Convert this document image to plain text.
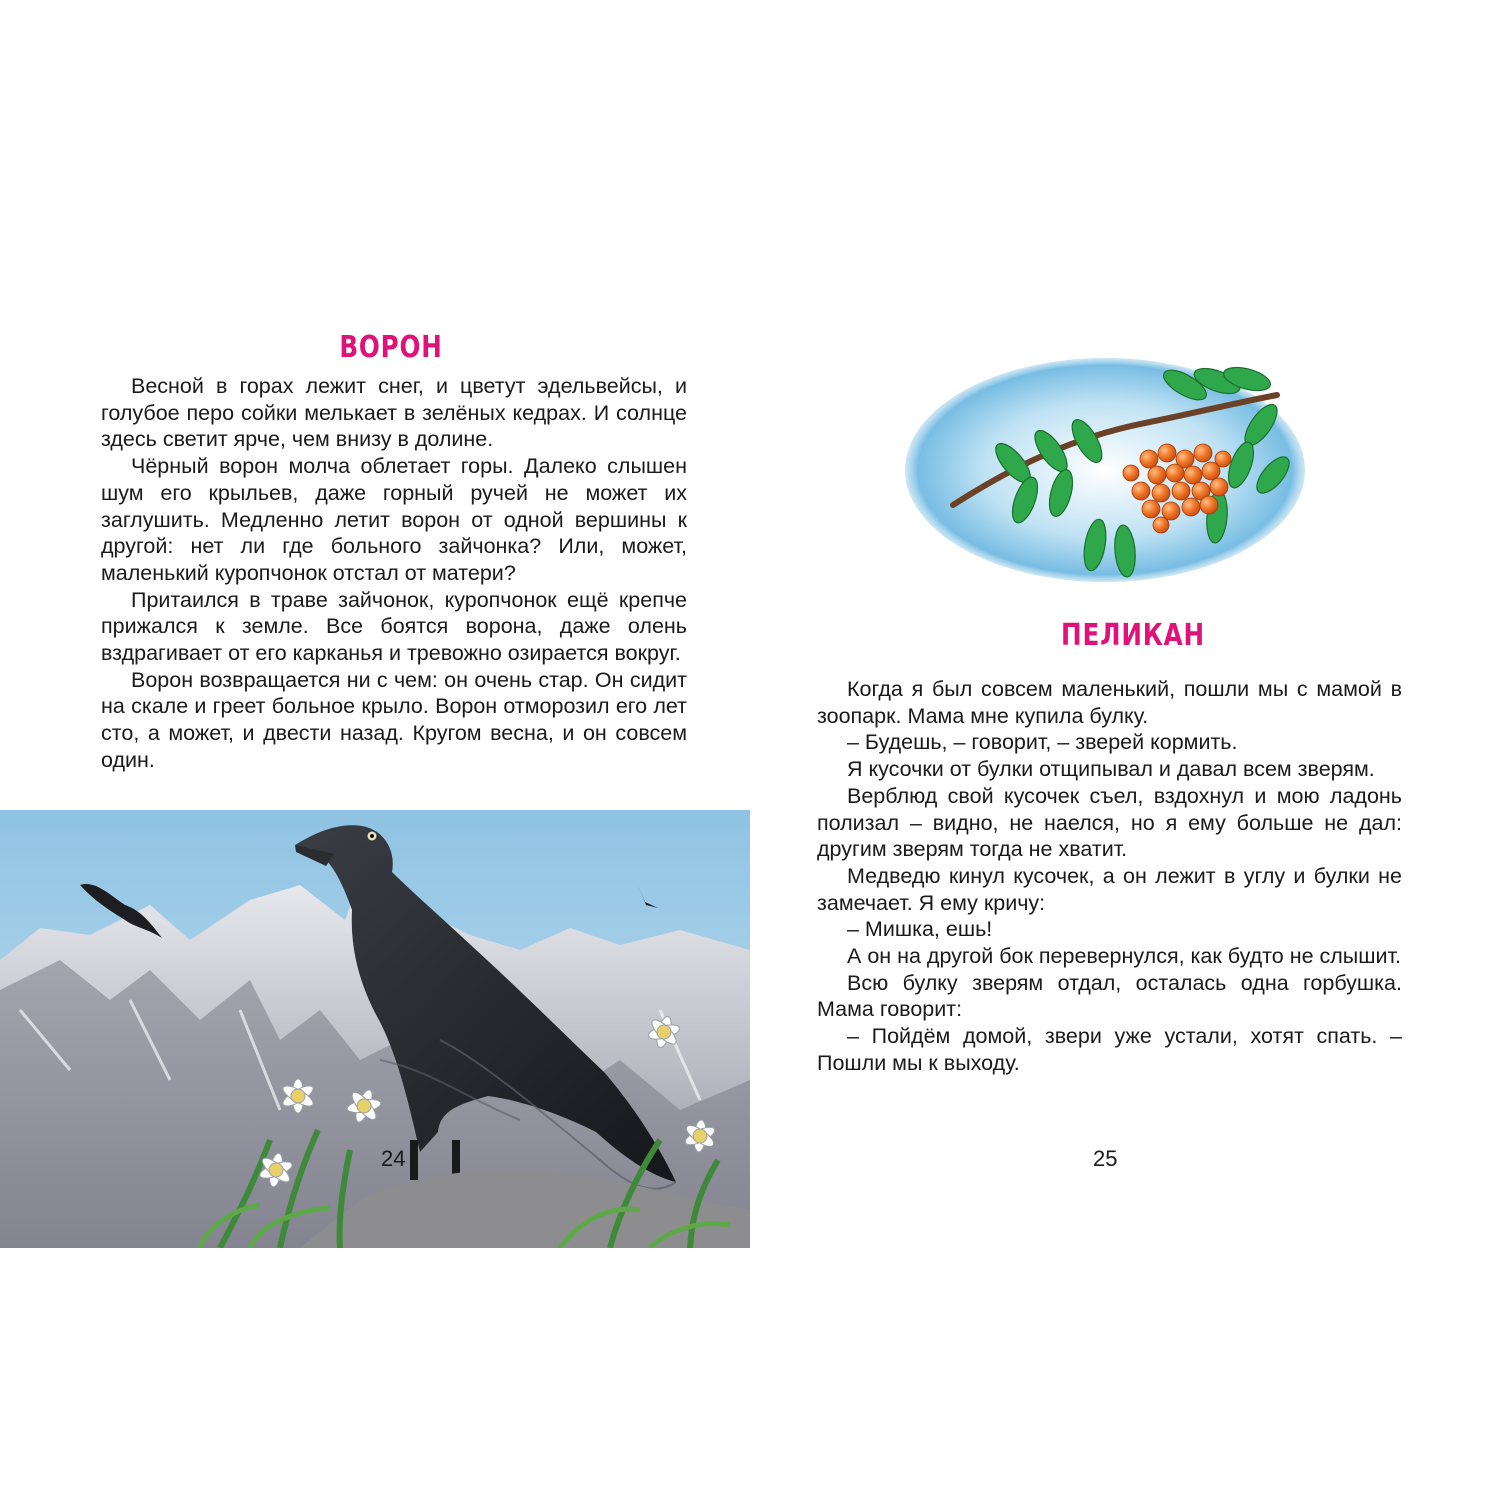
ВОРОН

Весной в горах лежит снег, и цветут эдельвейсы, и голубое перо сойки мелькает в зелёных кедрах. И солнце здесь светит ярче, чем внизу в долине.

Чёрный ворон молча облетает горы. Далеко слышен шум его крыльев, даже горный ручей не может их заглушить. Медленно летит ворон от одной вершины к другой: нет ли где больного зайчонка? Или, может, маленький куропчонок отстал от матери?

Притаился в траве зайчонок, куропчонок ещё крепче прижался к земле. Все боятся ворона, даже олень вздрагивает от его карканья и тревожно озирается вокруг.

Ворон возвращается ни с чем: он очень стар. Он сидит на скале и греет больное крыло. Ворон отморозил его лет сто, а может, и двести назад. Кругом весна, и он совсем один.

24
ПЕЛИКАН

Когда я был совсем маленький, пошли мы с мамой в зоопарк. Мама мне купила булку.

– Будешь, – говорит, – зверей кормить.

Я кусочки от булки отщипывал и давал всем зверям.

Верблюд свой кусочек съел, вздохнул и мою ладонь полизал – видно, не наелся, но я ему больше не дал: другим зверям тогда не хватит.

Медведю кинул кусочек, а он лежит в углу и булки не замечает. Я ему кричу:

– Мишка, ешь!

А он на другой бок перевернулся, как будто не слышит.

Всю булку зверям отдал, осталась одна горбушка. Мама говорит:

– Пойдём домой, звери уже устали, хотят спать. – Пошли мы к выходу.

25
